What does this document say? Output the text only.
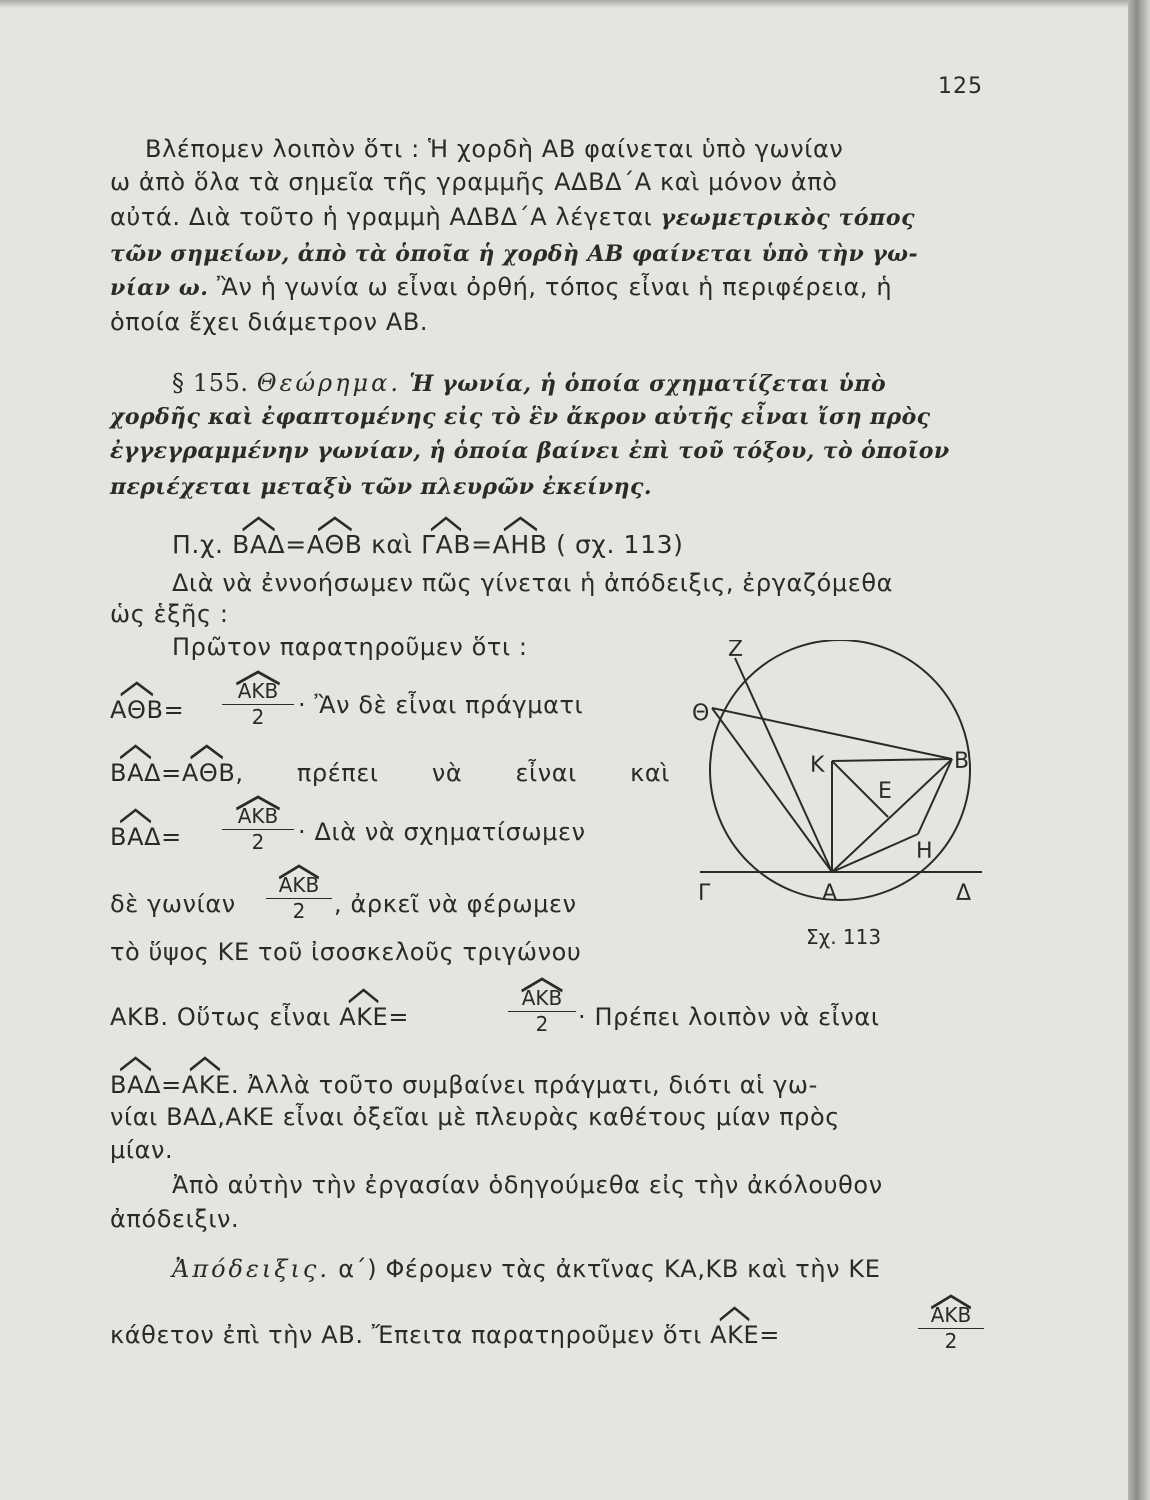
125
Βλέπομεν λοιπὸν ὅτι : Ἡ χορδὴ ΑΒ φαίνεται ὑπὸ γωνίαν
ω ἀπὸ ὅλα τὰ σημεῖα τῆς γραμμῆς ΑΔΒΔ΄Α καὶ μόνον ἀπὸ
αὐτά. Διὰ τοῦτο ἡ γραμμὴ ΑΔΒΔ΄Α λέγεται γεωμετρικὸς τόπος
τῶν σημείων, ἀπὸ τὰ ὁποῖα ἡ χορδὴ ΑΒ φαίνεται ὑπὸ τὴν γω-
νίαν ω. Ἂν ἡ γωνία ω εἶναι ὀρθή, τόπος εἶναι ἡ περιφέρεια, ἡ
ὁποία ἔχει διάμετρον ΑΒ.
§ 155. Θεώρημα. Ἡ γωνία, ἡ ὁποία σχηματίζεται ὑπὸ
χορδῆς καὶ ἐφαπτομένης εἰς τὸ ἓν ἄκρον αὐτῆς εἶναι ἴση πρὸς
ἐγγεγραμμένην γωνίαν, ἡ ὁποία βαίνει ἐπὶ τοῦ τόξου, τὸ ὁποῖον
περιέχεται μεταξὺ τῶν πλευρῶν ἐκείνης.
Π.χ. ΒΑΔ
=ΑΘΒ καὶ ΓΑΒ
=ΑΗΒ ( σχ. 113)
Διὰ νὰ ἐννοήσωμεν πῶς γίνεται ἡ ἀπόδειξις, ἐργαζόμεθα
ὡς ἑξῆς :
Πρῶτον παρατηροῦμεν ὅτι :
ΑΘΒ
=
ΑΚΒ
2	· Ἂν δὲ εἶναι πράγματι
ΒΑΔ
=ΑΘΒ, πρέπει νὰ εἶναι καὶ
ΒΑΔ
=
ΑΚΒ
2	· Διὰ νὰ σχηματίσωμεν
δὲ γωνίαν
ΑΚΒ
2	, ἀρκεῖ νὰ φέρωμεν
τὸ ὕψος ΚΕ τοῦ ἰσοσκελοῦς τριγώνου
ΑΚΒ. Οὕτως εἶναι ΑΚΕ
=
ΑΚΒ
2	· Πρέπει λοιπὸν νὰ εἶναι
ΒΑΔ
=ΑΚΕ. Ἀλλὰ τοῦτο συμβαίνει πράγματι, διότι αἱ γω-
νίαι ΒΑΔ,ΑΚΕ εἶναι ὀξεῖαι μὲ πλευρὰς καθέτους μίαν πρὸς
μίαν.
Ἀπὸ αὐτὴν τὴν ἐργασίαν ὁδηγούμεθα εἰς τὴν ἀκόλουθον
ἀπόδειξιν.
Ἀπόδειξις. α΄) Φέρομεν τὰς ἀκτῖνας ΚΑ,ΚΒ καὶ τὴν ΚΕ
κάθετον ἐπὶ τὴν ΑΒ. Ἔπειτα παρατηροῦμεν ὅτι ΑΚΕ
=
ΑΚΒ
2
Ζ
Θ
Β
Κ
Ε
Η
Γ	Α	Δ
Σχ. 113
